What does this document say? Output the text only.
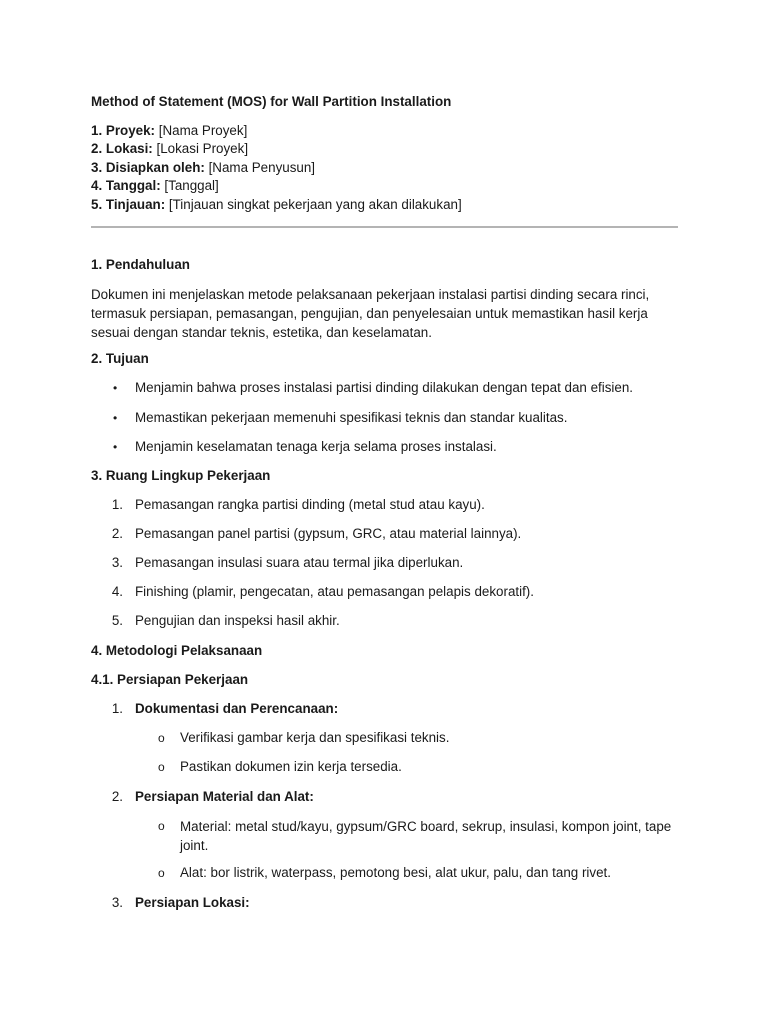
Method of Statement (MOS) for Wall Partition Installation
1. Proyek: [Nama Proyek]
2. Lokasi: [Lokasi Proyek]
3. Disiapkan oleh: [Nama Penyusun]
4. Tanggal: [Tanggal]
5. Tinjauan: [Tinjauan singkat pekerjaan yang akan dilakukan]
1. Pendahuluan
Dokumen ini menjelaskan metode pelaksanaan pekerjaan instalasi partisi dinding secara rinci, termasuk persiapan, pemasangan, pengujian, dan penyelesaian untuk memastikan hasil kerja sesuai dengan standar teknis, estetika, dan keselamatan.
2. Tujuan
• Menjamin bahwa proses instalasi partisi dinding dilakukan dengan tepat dan efisien.
• Memastikan pekerjaan memenuhi spesifikasi teknis dan standar kualitas.
• Menjamin keselamatan tenaga kerja selama proses instalasi.
3. Ruang Lingkup Pekerjaan
1. Pemasangan rangka partisi dinding (metal stud atau kayu).
2. Pemasangan panel partisi (gypsum, GRC, atau material lainnya).
3. Pemasangan insulasi suara atau termal jika diperlukan.
4. Finishing (plamir, pengecatan, atau pemasangan pelapis dekoratif).
5. Pengujian dan inspeksi hasil akhir.
4. Metodologi Pelaksanaan
4.1. Persiapan Pekerjaan
1. Dokumentasi dan Perencanaan:
o Verifikasi gambar kerja dan spesifikasi teknis.
o Pastikan dokumen izin kerja tersedia.
2. Persiapan Material dan Alat:
o Material: metal stud/kayu, gypsum/GRC board, sekrup, insulasi, kompon joint, tape joint.
o Alat: bor listrik, waterpass, pemotong besi, alat ukur, palu, dan tang rivet.
3. Persiapan Lokasi:
